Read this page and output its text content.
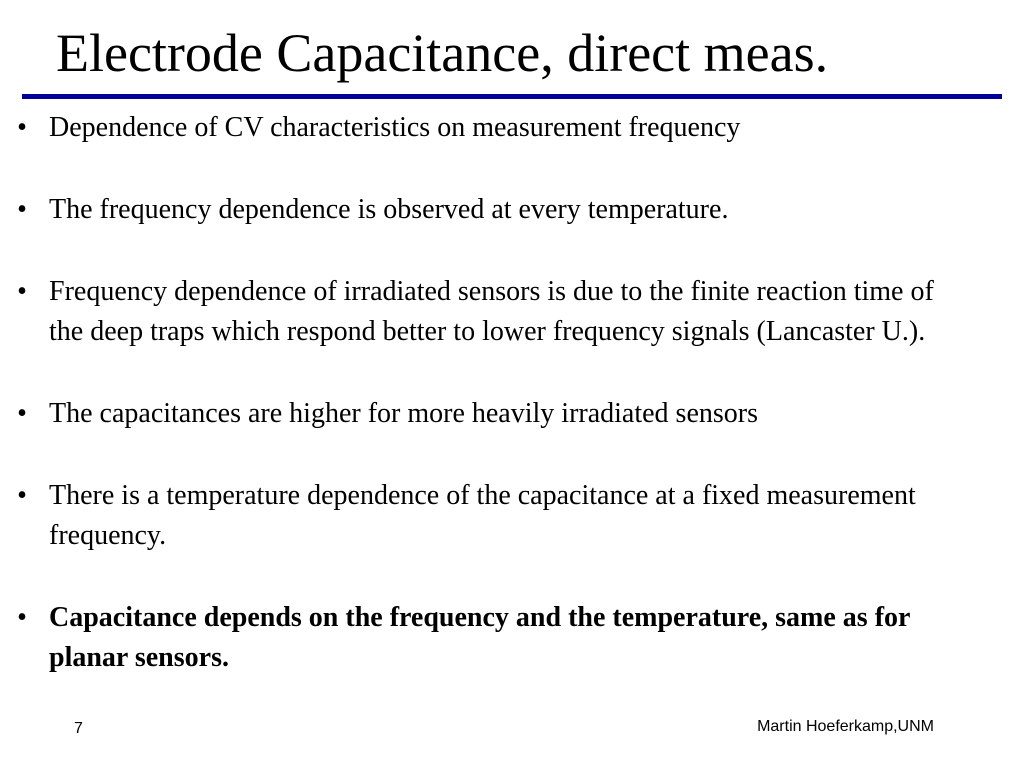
Electrode Capacitance, direct meas.
• Dependence of CV characteristics on measurement frequency
• The frequency dependence is observed at every temperature.
• Frequency dependence of irradiated sensors is due to the finite reaction time of the deep traps which respond better to lower frequency signals (Lancaster U.).
• The capacitances are higher for more heavily irradiated sensors
• There is a temperature dependence of the capacitance at a fixed measurement frequency.
• Capacitance depends on the frequency and the temperature, same as for planar sensors.
7	Martin Hoeferkamp,UNM
